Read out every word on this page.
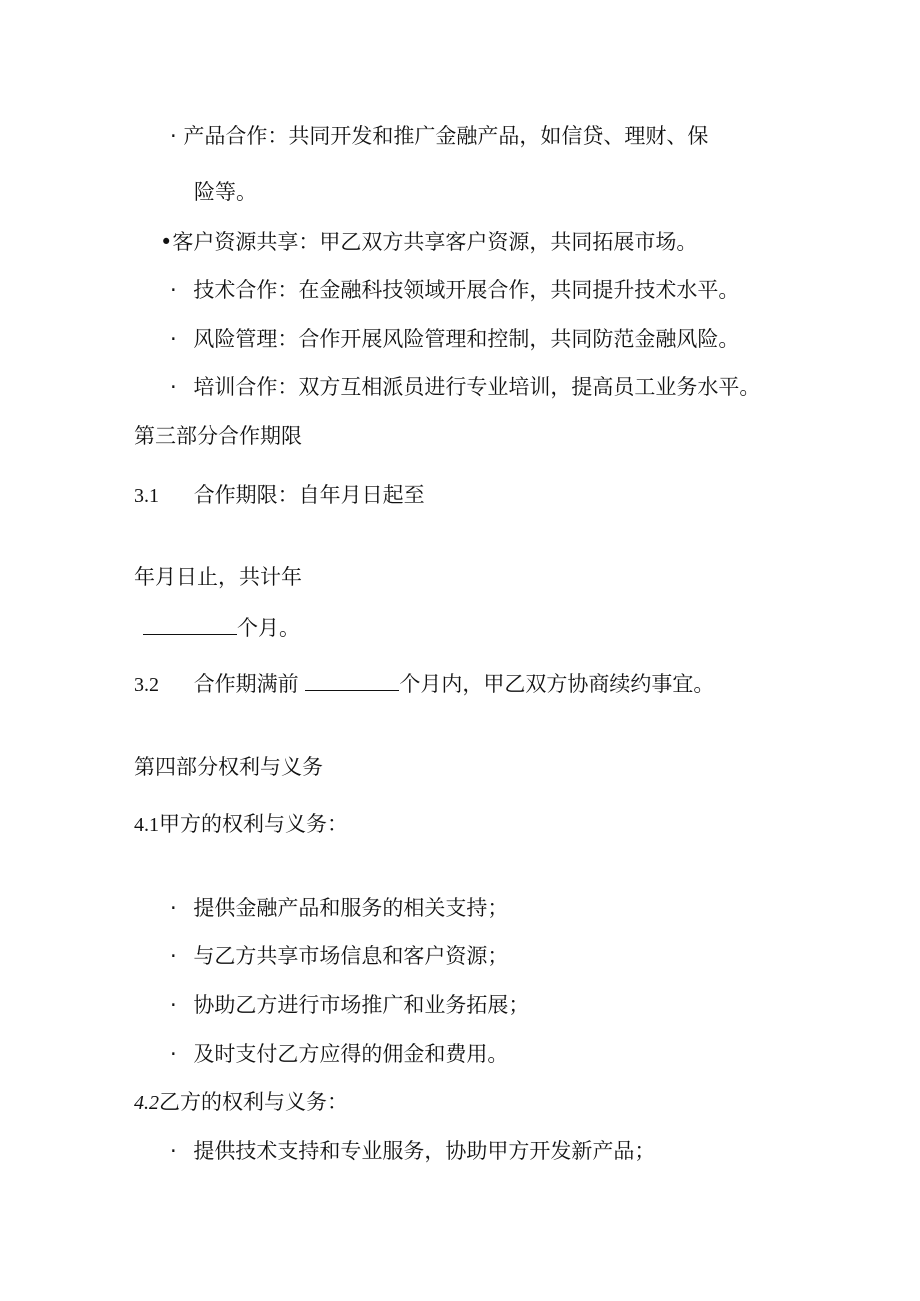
· 产品合作：共同开发和推广金融产品，如信贷、理财、保
险等。
•客户资源共享：甲乙双方共享客户资源，共同拓展市场。
· 技术合作：在金融科技领域开展合作，共同提升技术水平。
· 风险管理：合作开展风险管理和控制，共同防范金融风险。
· 培训合作：双方互相派员进行专业培训，提高员工业务水平。
第三部分合作期限
3.1 合作期限：自年月日起至
年月日止，共计年
个月。
3.2 合作期满前	个月内，甲乙双方协商续约事宜。
第四部分权利与义务
4.1甲方的权利与义务：
· 提供金融产品和服务的相关支持；
· 与乙方共享市场信息和客户资源；
· 协助乙方进行市场推广和业务拓展；
· 及时支付乙方应得的佣金和费用。
4.2乙方的权利与义务：
· 提供技术支持和专业服务，协助甲方开发新产品；
